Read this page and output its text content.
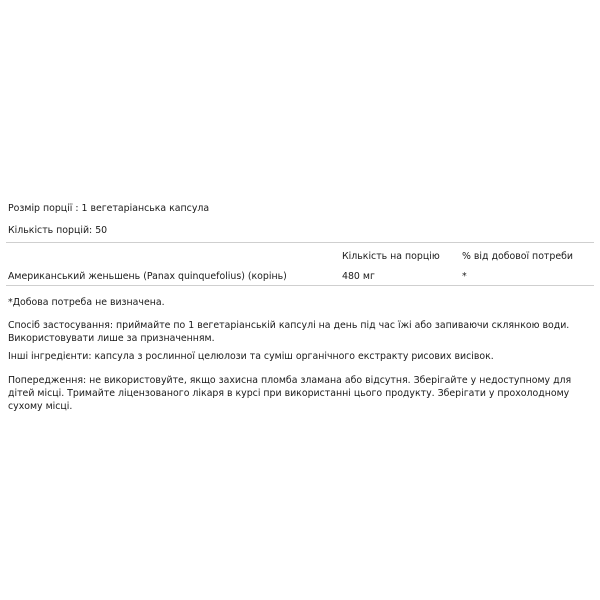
Розмір порції : 1 вегетаріанська капсула
Кількість порцій: 50
Кількість на порцію % від добової потреби
Американський женьшень (Panax quinquefolius) (корінь)	480 мг	*
*Добова потреба не визначена.
Спосіб застосування: приймайте по 1 вегетаріанській капсулі на день під час їжі або запиваючи склянкою води. Використовувати лише за призначенням.
Інші інгредієнти: капсула з рослинної целюлози та суміш органічного екстракту рисових висівок.
Попередження: не використовуйте, якщо захисна пломба зламана або відсутня. Зберігайте у недоступному для дітей місці. Тримайте ліцензованого лікаря в курсі при використанні цього продукту. Зберігати у прохолодному сухому місці.
